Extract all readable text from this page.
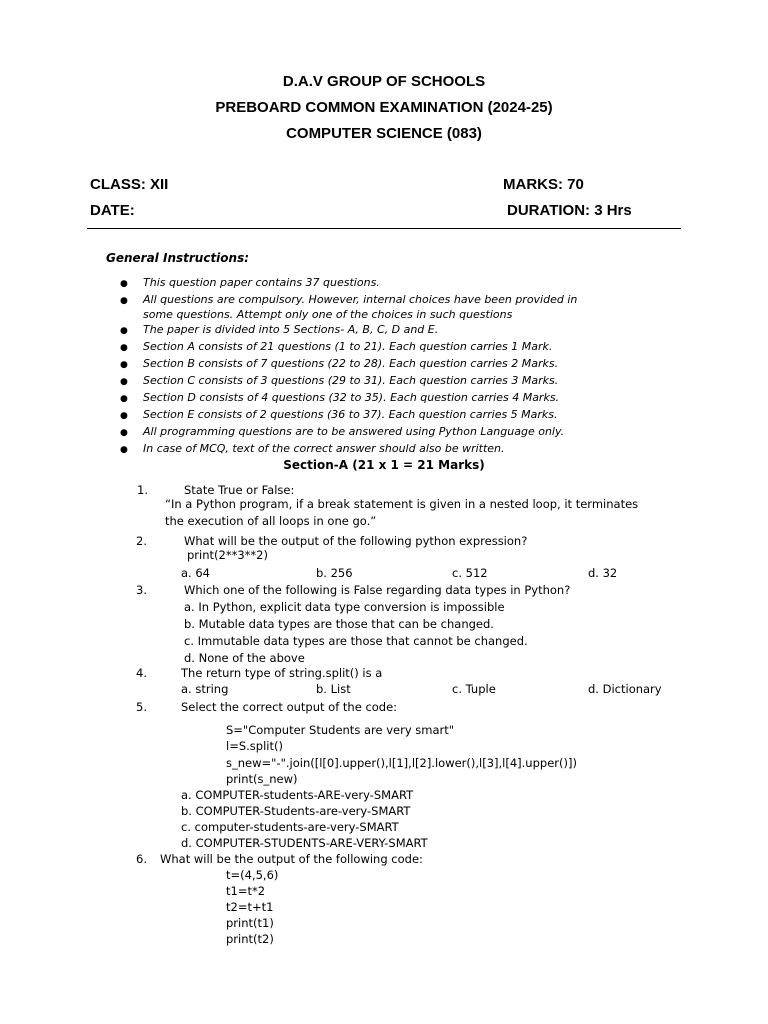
D.A.V GROUP OF SCHOOLS
PREBOARD COMMON EXAMINATION (2024-25)
COMPUTER SCIENCE (083)
CLASS: XII	MARKS: 70
DATE:	DURATION: 3 Hrs
General Instructions:
● This question paper contains 37 questions.
● All questions are compulsory. However, internal choices have been provided in
some questions. Attempt only one of the choices in such questions
● The paper is divided into 5 Sections- A, B, C, D and E.
● Section A consists of 21 questions (1 to 21). Each question carries 1 Mark.
● Section B consists of 7 questions (22 to 28). Each question carries 2 Marks.
● Section C consists of 3 questions (29 to 31). Each question carries 3 Marks.
● Section D consists of 4 questions (32 to 35). Each question carries 4 Marks.
● Section E consists of 2 questions (36 to 37). Each question carries 5 Marks.
● All programming questions are to be answered using Python Language only.
● In case of MCQ, text of the correct answer should also be written.
Section-A (21 x 1 = 21 Marks)
1.	State True or False:
“In a Python program, if a break statement is given in a nested loop, it terminates
the execution of all loops in one go.”
2.	What will be the output of the following python expression?
print(2**3**2)
a. 64	b. 256	c. 512	d. 32
3.	Which one of the following is False regarding data types in Python?
a. In Python, explicit data type conversion is impossible
b. Mutable data types are those that can be changed.
c. Immutable data types are those that cannot be changed.
d. None of the above
4.	The return type of string.split() is a
a. string	b. List	c. Tuple	d. Dictionary
5.	Select the correct output of the code:
S="Computer Students are very smart"
l=S.split()
s_new="-".join([l[0].upper(),l[1],l[2].lower(),l[3],l[4].upper()])
print(s_new)
a. COMPUTER-students-ARE-very-SMART
b. COMPUTER-Students-are-very-SMART
c. computer-students-are-very-SMART
d. COMPUTER-STUDENTS-ARE-VERY-SMART
6. What will be the output of the following code:
t=(4,5,6)
t1=t*2
t2=t+t1
print(t1)
print(t2)
